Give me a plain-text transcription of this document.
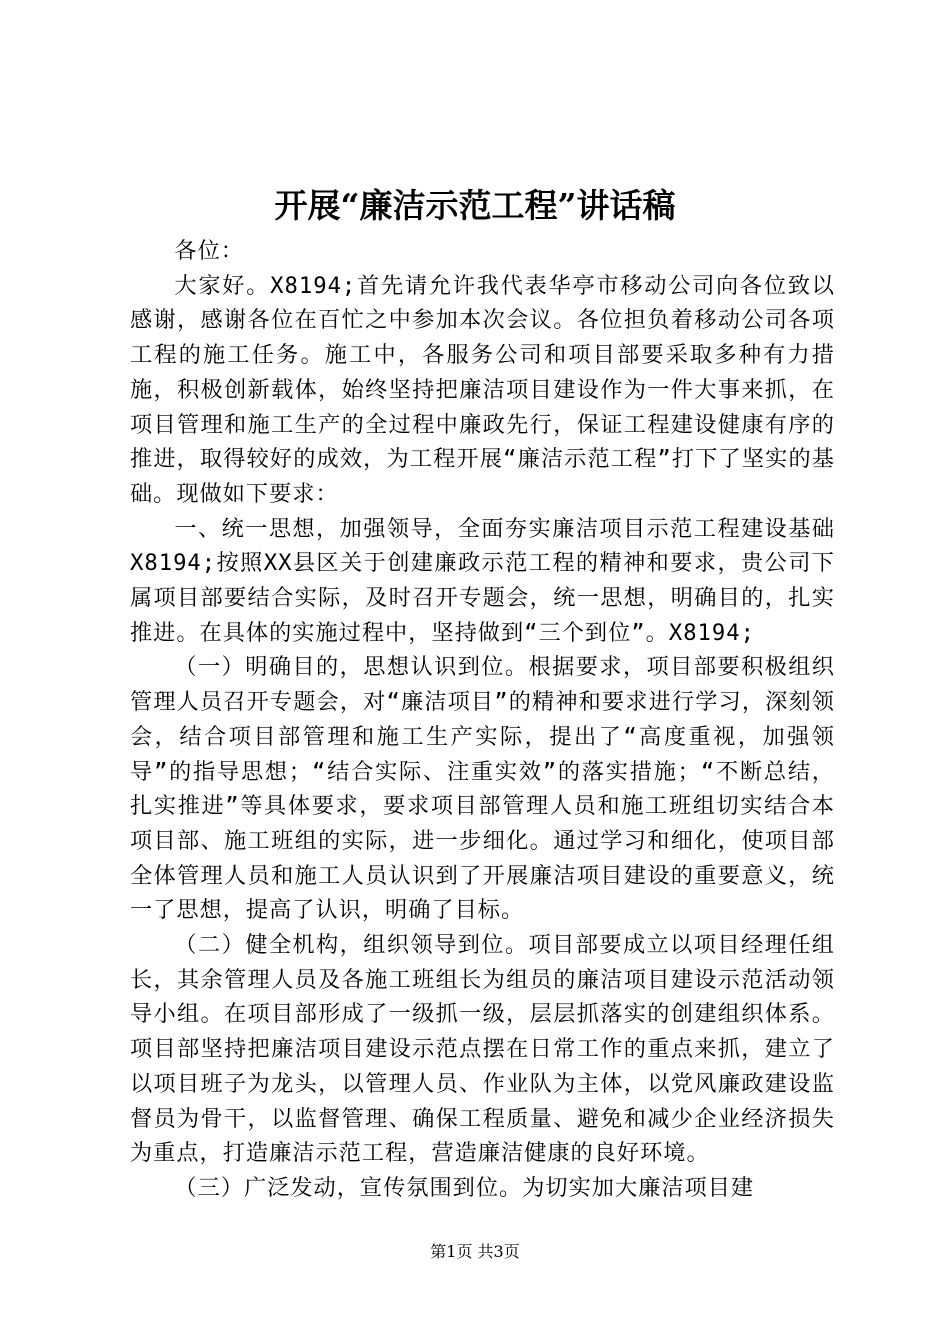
开展“廉洁示范工程”讲话稿

各位：

大家好。X8194;首先请允许我代表华亭市移动公司向各位致以感谢，感谢各位在百忙之中参加本次会议。各位担负着移动公司各项工程的施工任务。施工中，各服务公司和项目部要采取多种有力措施，积极创新载体，始终坚持把廉洁项目建设作为一件大事来抓，在项目管理和施工生产的全过程中廉政先行，保证工程建设健康有序的推进，取得较好的成效，为工程开展“廉洁示范工程”打下了坚实的基础。现做如下要求：

一、统一思想，加强领导，全面夯实廉洁项目示范工程建设基础X8194;按照XX县区关于创建廉政示范工程的精神和要求，贵公司下属项目部要结合实际，及时召开专题会，统一思想，明确目的，扎实推进。在具体的实施过程中，坚持做到“三个到位”。X8194;

（一）明确目的，思想认识到位。根据要求，项目部要积极组织管理人员召开专题会，对“廉洁项目”的精神和要求进行学习，深刻领会，结合项目部管理和施工生产实际，提出了“高度重视，加强领导”的指导思想；“结合实际、注重实效”的落实措施；“不断总结，扎实推进”等具体要求，要求项目部管理人员和施工班组切实结合本项目部、施工班组的实际，进一步细化。通过学习和细化，使项目部全体管理人员和施工人员认识到了开展廉洁项目建设的重要意义，统一了思想，提高了认识，明确了目标。

（二）健全机构，组织领导到位。项目部要成立以项目经理任组长，其余管理人员及各施工班组长为组员的廉洁项目建设示范活动领导小组。在项目部形成了一级抓一级，层层抓落实的创建组织体系。项目部坚持把廉洁项目建设示范点摆在日常工作的重点来抓，建立了以项目班子为龙头，以管理人员、作业队为主体，以党风廉政建设监督员为骨干，以监督管理、确保工程质量、避免和减少企业经济损失为重点，打造廉洁示范工程，营造廉洁健康的良好环境。

（三）广泛发动，宣传氛围到位。为切实加大廉洁项目建

第1页 共3页
